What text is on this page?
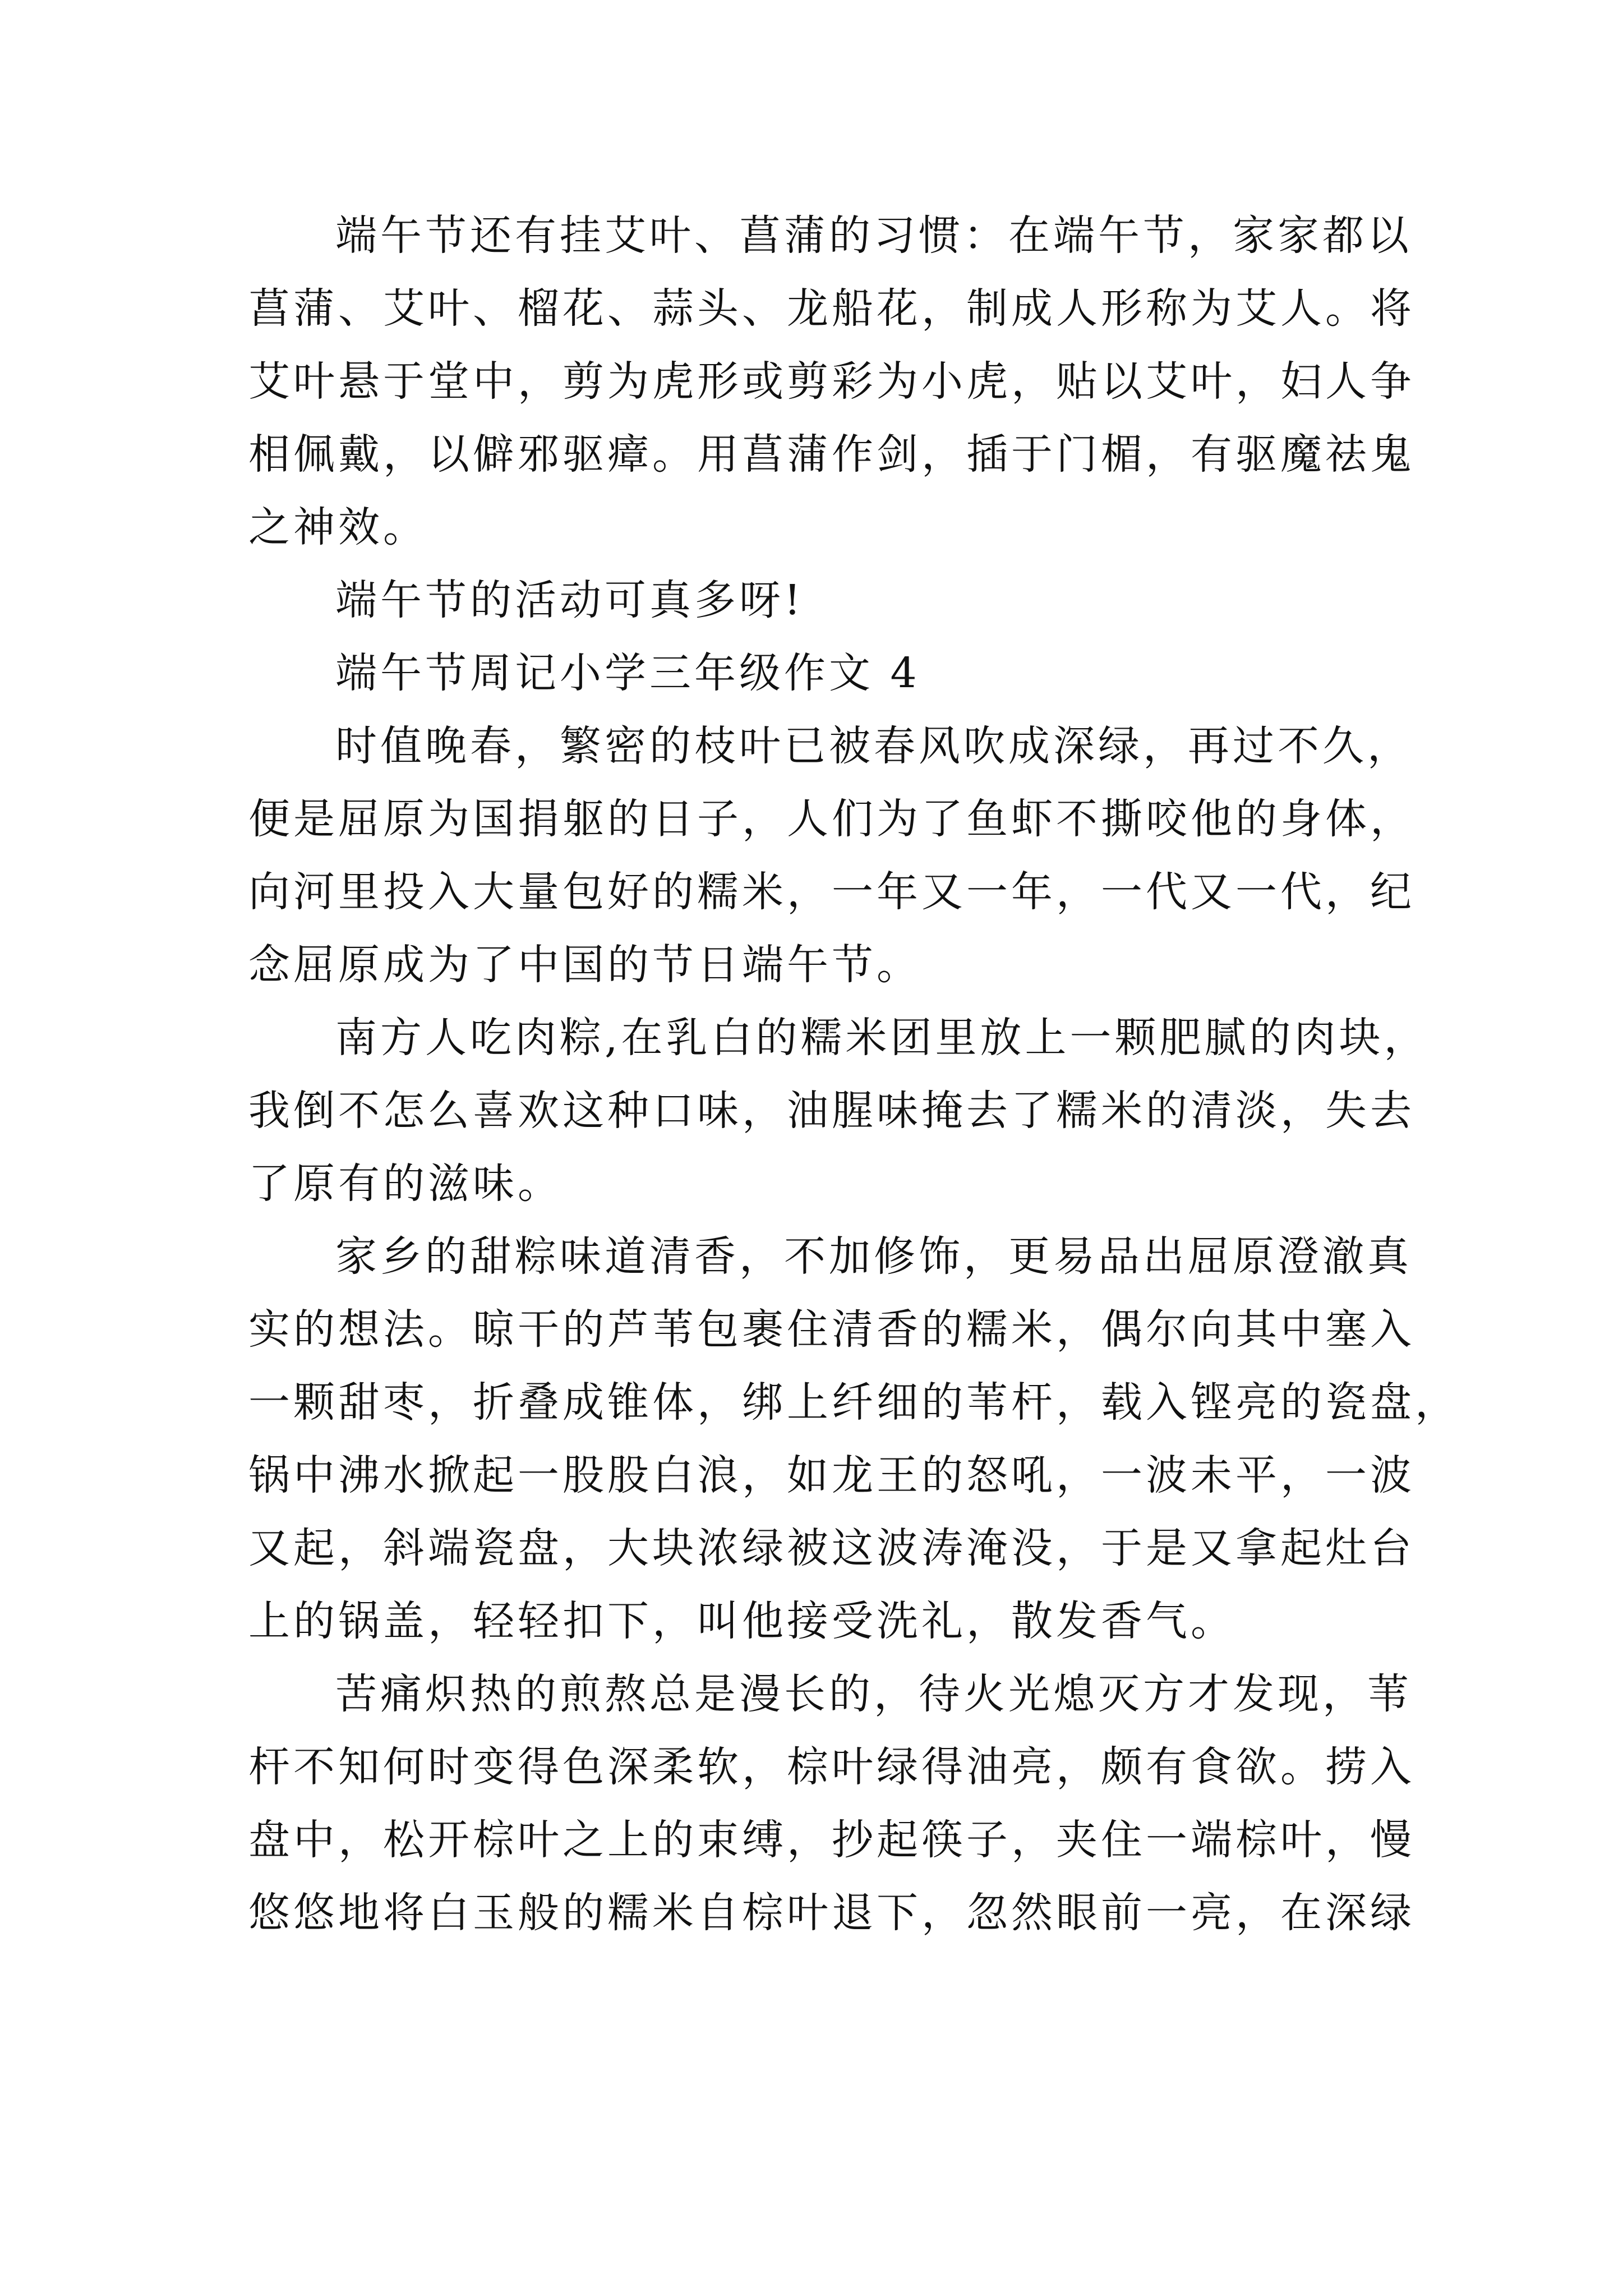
端午节还有挂艾叶、菖蒲的习惯：在端午节，家家都以
菖蒲、艾叶、榴花、蒜头、龙船花，制成人形称为艾人。将
艾叶悬于堂中，剪为虎形或剪彩为小虎，贴以艾叶，妇人争
相佩戴，以僻邪驱瘴。用菖蒲作剑，插于门楣，有驱魔祛鬼
之神效。
端午节的活动可真多呀!
端午节周记小学三年级作文 4
时值晚春，繁密的枝叶已被春风吹成深绿，再过不久，
便是屈原为国捐躯的日子，人们为了鱼虾不撕咬他的身体，
向河里投入大量包好的糯米，一年又一年，一代又一代，纪
念屈原成为了中国的节日端午节。
南方人吃肉粽,在乳白的糯米团里放上一颗肥腻的肉块，
我倒不怎么喜欢这种口味，油腥味掩去了糯米的清淡，失去
了原有的滋味。
家乡的甜粽味道清香，不加修饰，更易品出屈原澄澈真
实的想法。晾干的芦苇包裹住清香的糯米，偶尔向其中塞入
一颗甜枣，折叠成锥体，绑上纤细的苇杆，载入铿亮的瓷盘，
锅中沸水掀起一股股白浪，如龙王的怒吼，一波未平，一波
又起，斜端瓷盘，大块浓绿被这波涛淹没，于是又拿起灶台
上的锅盖，轻轻扣下，叫他接受洗礼，散发香气。
苦痛炽热的煎熬总是漫长的，待火光熄灭方才发现，苇
杆不知何时变得色深柔软，棕叶绿得油亮，颇有食欲。捞入
盘中，松开棕叶之上的束缚，抄起筷子，夹住一端棕叶，慢
悠悠地将白玉般的糯米自棕叶退下，忽然眼前一亮，在深绿
